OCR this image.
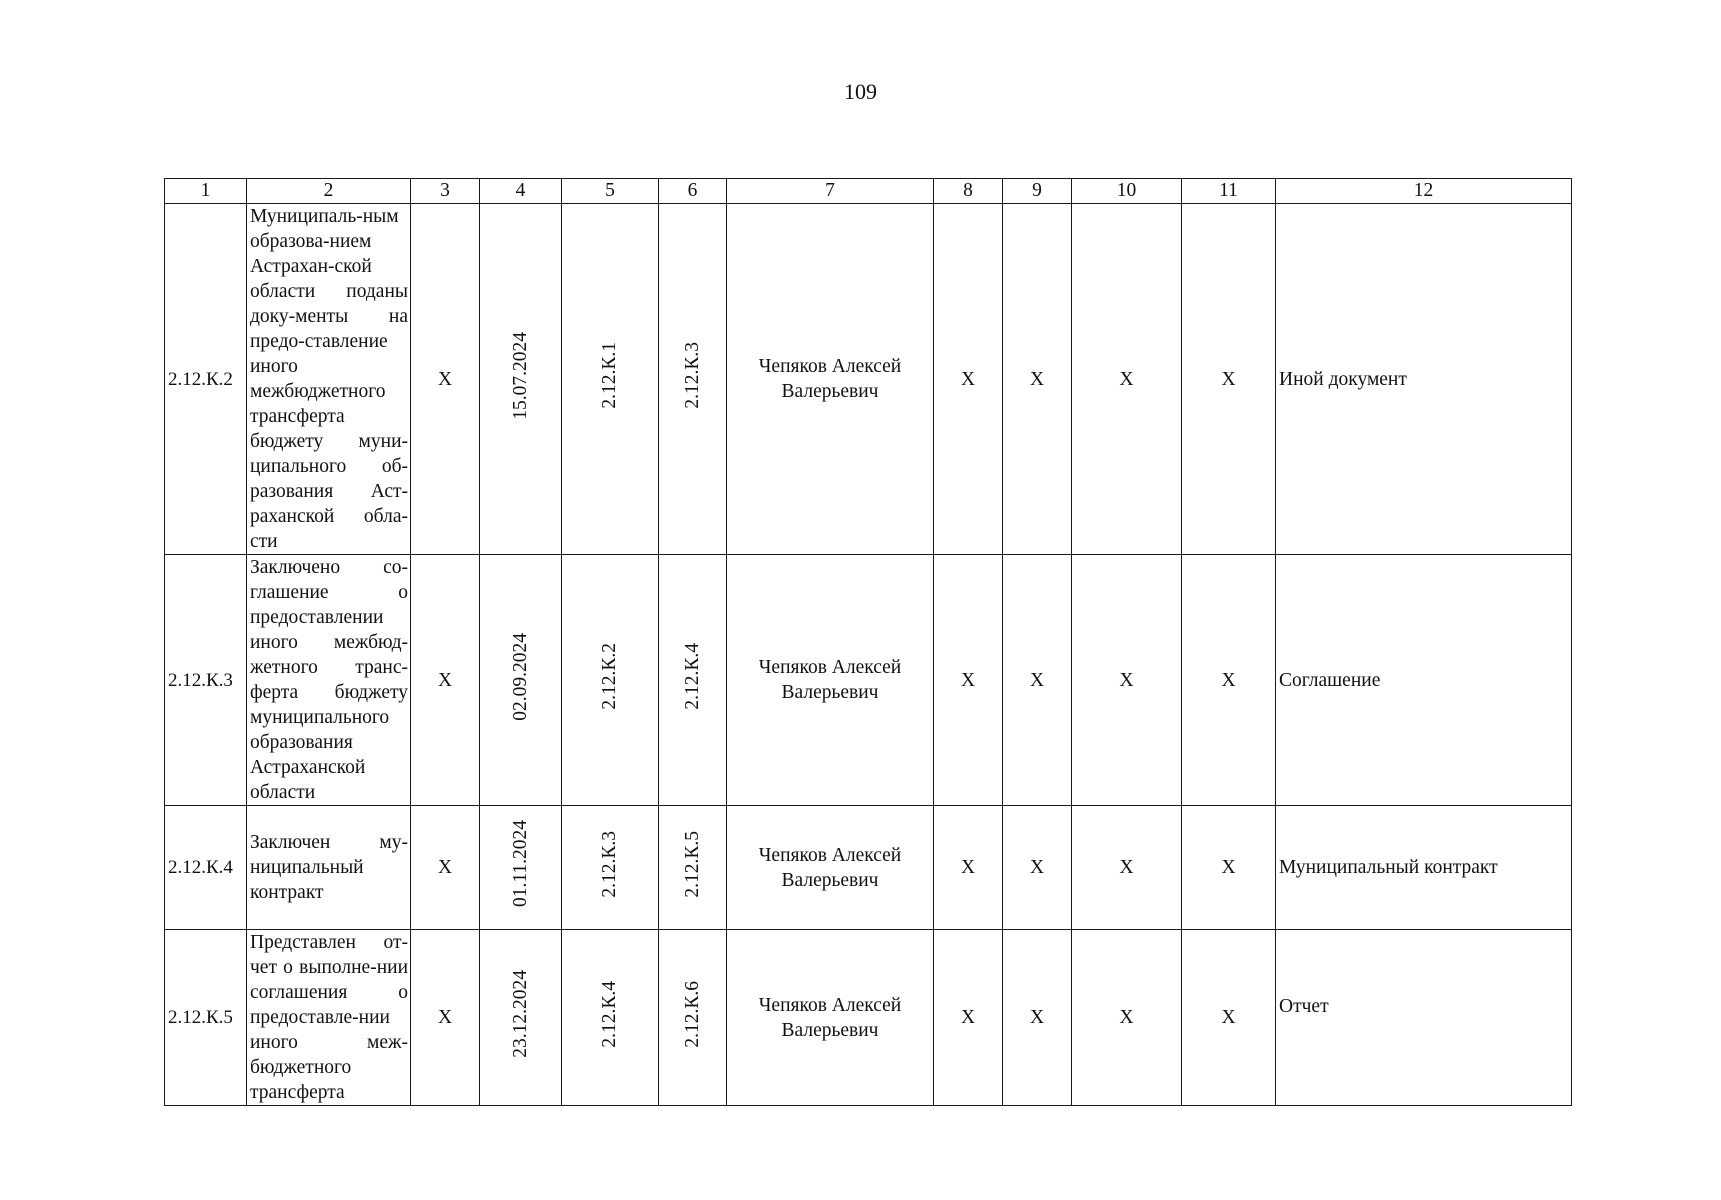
109
1	2	3	4	5	6	7	8	9	10	11	12
2.12.К.2	Муниципаль-ным образова-нием Астрахан-ской области поданы доку-менты на предо-ставление иного межбюджетного трансферта бюджету муни-ципального об-разования Аст-раханской обла-сти	Х	15.07.2024	2.12.К.1	2.12.К.3	Чепяков Алексей Валерьевич	Х	Х	Х	Х	Иной документ
2.12.К.3	Заключено со-глашение о предоставлении иного межбюд-жетного транс-ферта бюджету муниципального образования Астраханской области	Х	02.09.2024	2.12.К.2	2.12.К.4	Чепяков Алексей Валерьевич	Х	Х	Х	Х	Соглашение
2.12.К.4	Заключен му-ниципальный контракт	Х	01.11.2024	2.12.К.3	2.12.К.5	Чепяков Алексей Валерьевич	Х	Х	Х	Х	Муниципальный контракт
2.12.К.5	Представлен от-чет о выполне-нии соглашения о предоставле-нии иного меж-бюджетного трансферта	Х	23.12.2024	2.12.К.4	2.12.К.6	Чепяков Алексей Валерьевич	Х	Х	Х	Х	Отчет
